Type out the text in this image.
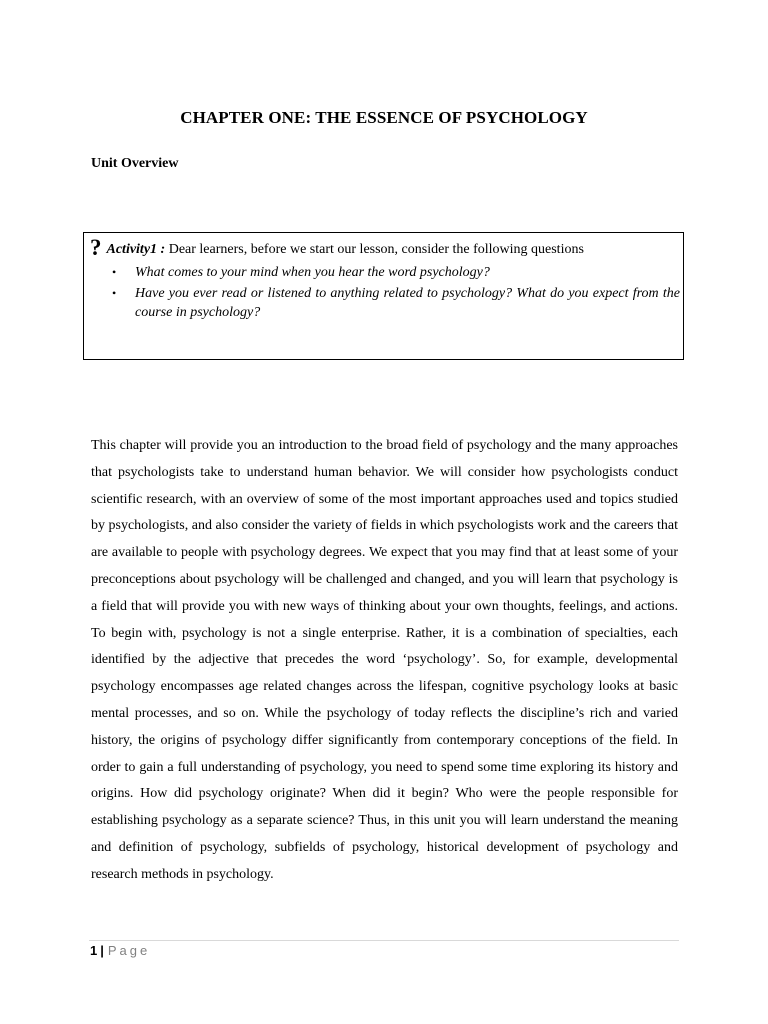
CHAPTER ONE: THE ESSENCE OF PSYCHOLOGY
Unit Overview
? Activity1 : Dear learners, before we start our lesson, consider the following questions
• What comes to your mind when you hear the word psychology?
• Have you ever read or listened to anything related to psychology? What do you expect from the course in psychology?

This chapter will provide you an introduction to the broad field of psychology and the many approaches that psychologists take to understand human behavior. We will consider how psychologists conduct scientific research, with an overview of some of the most important approaches used and topics studied by psychologists, and also consider the variety of fields in which psychologists work and the careers that are available to people with psychology degrees. We expect that you may find that at least some of your preconceptions about psychology will be challenged and changed, and you will learn that psychology is a field that will provide you with new ways of thinking about your own thoughts, feelings, and actions. To begin with, psychology is not a single enterprise. Rather, it is a combination of specialties, each identified by the adjective that precedes the word ‘psychology’. So, for example, developmental psychology encompasses age related changes across the lifespan, cognitive psychology looks at basic mental processes, and so on. While the psychology of today reflects the discipline’s rich and varied history, the origins of psychology differ significantly from contemporary conceptions of the field. In order to gain a full understanding of psychology, you need to spend some time exploring its history and origins. How did psychology originate? When did it begin? Who were the people responsible for establishing psychology as a separate science? Thus, in this unit you will learn understand the meaning and definition of psychology, subfields of psychology, historical development of psychology and research methods in psychology.

1 | Page
